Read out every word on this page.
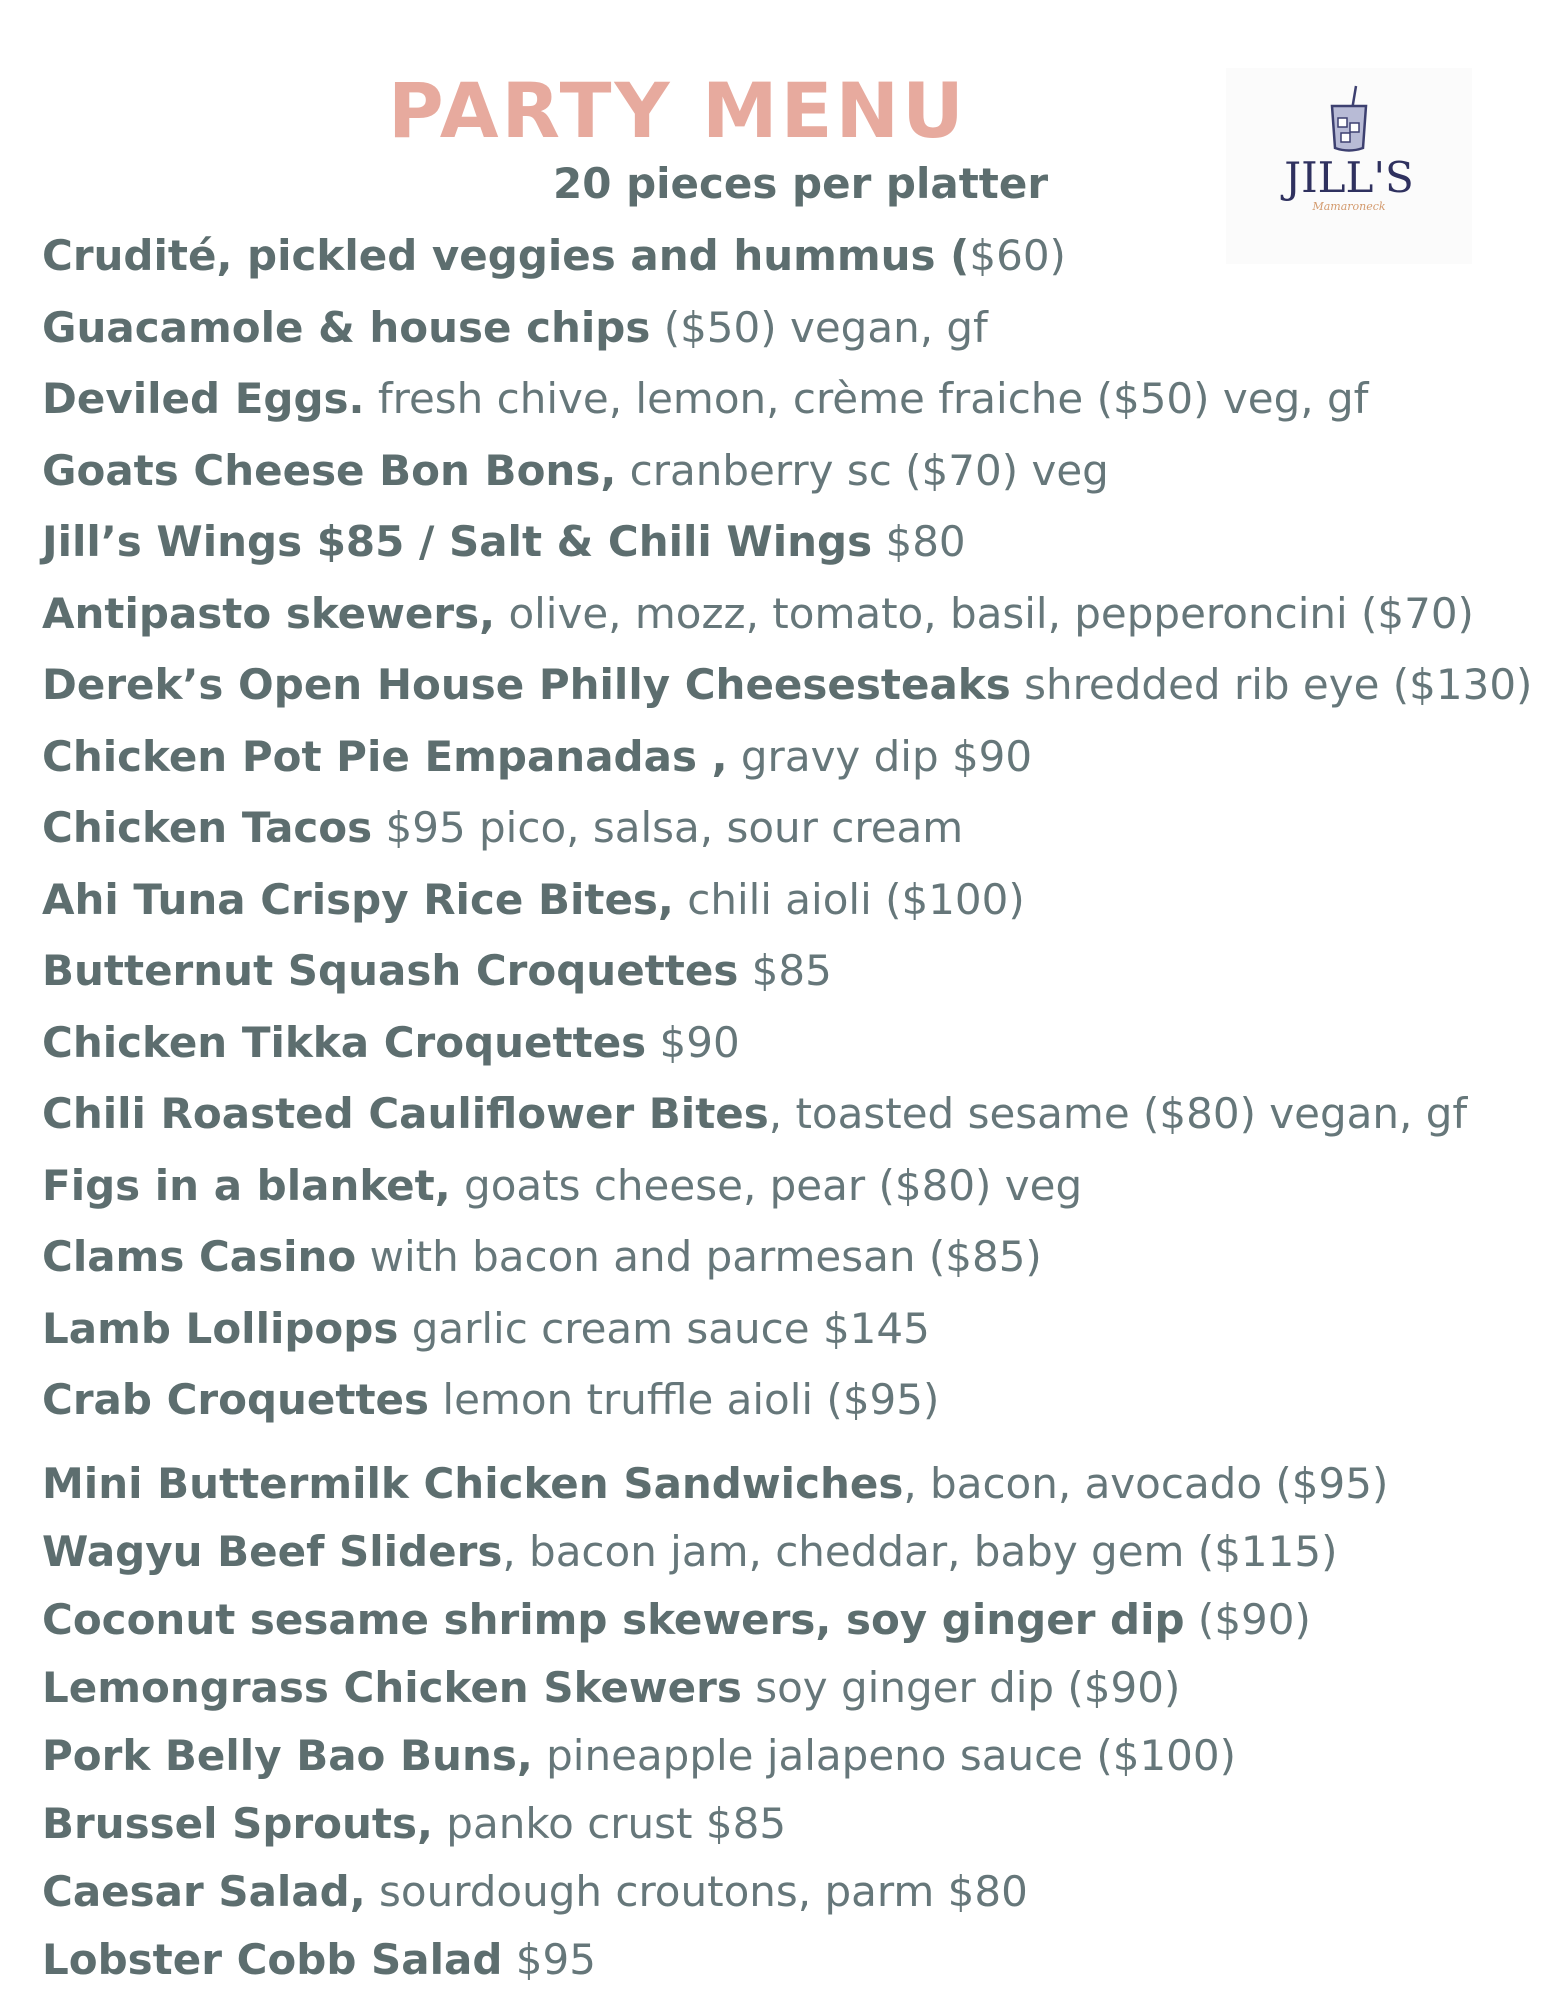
PARTY MENU
20 pieces per platter	JILL'S
Mamaroneck
Crudité, pickled veggies and hummus ($60)
Guacamole & house chips ($50) vegan, gf
Deviled Eggs. fresh chive, lemon, crème fraiche ($50) veg, gf
Goats Cheese Bon Bons, cranberry sc ($70) veg
Jill’s Wings $85 / Salt & Chili Wings $80
Antipasto skewers, olive, mozz, tomato, basil, pepperoncini ($70)
Derek’s Open House Philly Cheesesteaks shredded rib eye ($130)
Chicken Pot Pie Empanadas , gravy dip $90
Chicken Tacos $95 pico, salsa, sour cream
Ahi Tuna Crispy Rice Bites, chili aioli ($100)
Butternut Squash Croquettes $85
Chicken Tikka Croquettes $90
Chili Roasted Cauliflower Bites, toasted sesame ($80) vegan, gf
Figs in a blanket, goats cheese, pear ($80) veg
Clams Casino with bacon and parmesan ($85)
Lamb Lollipops garlic cream sauce $145
Crab Croquettes lemon truffle aioli ($95)
Mini Buttermilk Chicken Sandwiches, bacon, avocado ($95)
Wagyu Beef Sliders, bacon jam, cheddar, baby gem ($115)
Coconut sesame shrimp skewers, soy ginger dip ($90)
Lemongrass Chicken Skewers soy ginger dip ($90)
Pork Belly Bao Buns, pineapple jalapeno sauce ($100)
Brussel Sprouts, panko crust $85
Caesar Salad, sourdough croutons, parm $80
Lobster Cobb Salad $95
